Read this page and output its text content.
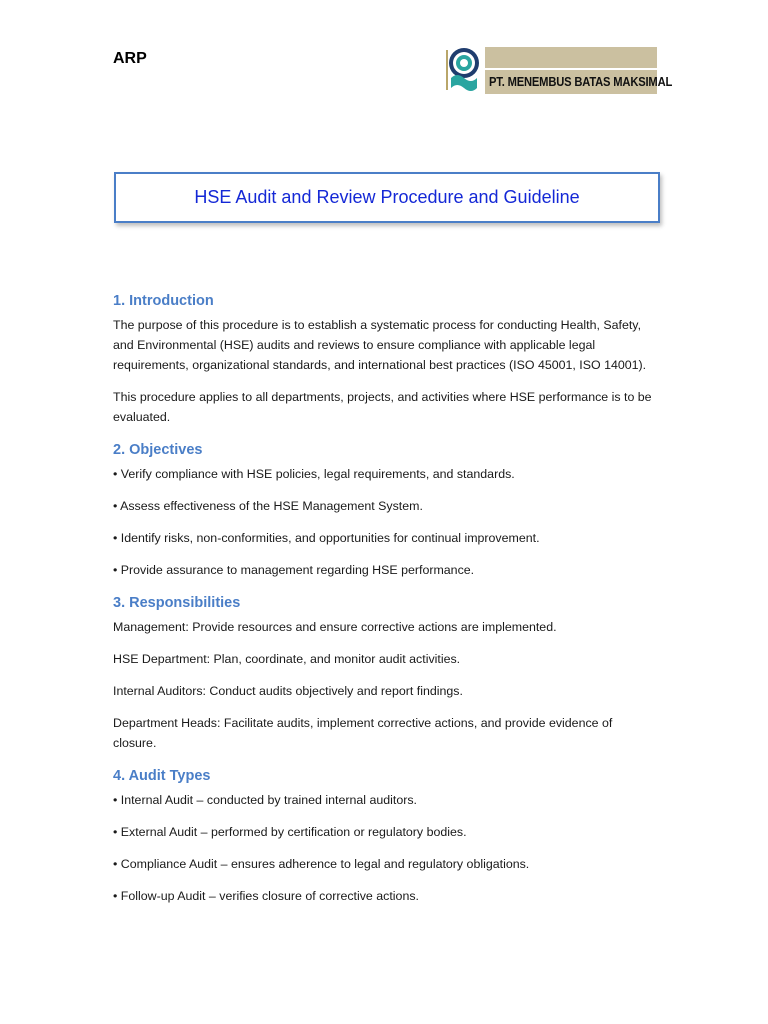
ARP
PT. MENEMBUS BATAS MAKSIMAL
HSE Audit and Review Procedure and Guideline
1. Introduction
The purpose of this procedure is to establish a systematic process for conducting Health, Safety, and Environmental (HSE) audits and reviews to ensure compliance with applicable legal requirements, organizational standards, and international best practices (ISO 45001, ISO 14001).
This procedure applies to all departments, projects, and activities where HSE performance is to be evaluated.
2. Objectives
• Verify compliance with HSE policies, legal requirements, and standards.
• Assess effectiveness of the HSE Management System.
• Identify risks, non-conformities, and opportunities for continual improvement.
• Provide assurance to management regarding HSE performance.
3. Responsibilities
Management: Provide resources and ensure corrective actions are implemented.
HSE Department: Plan, coordinate, and monitor audit activities.
Internal Auditors: Conduct audits objectively and report findings.
Department Heads: Facilitate audits, implement corrective actions, and provide evidence of closure.
4. Audit Types
• Internal Audit – conducted by trained internal auditors.
• External Audit – performed by certification or regulatory bodies.
• Compliance Audit – ensures adherence to legal and regulatory obligations.
• Follow-up Audit – verifies closure of corrective actions.
